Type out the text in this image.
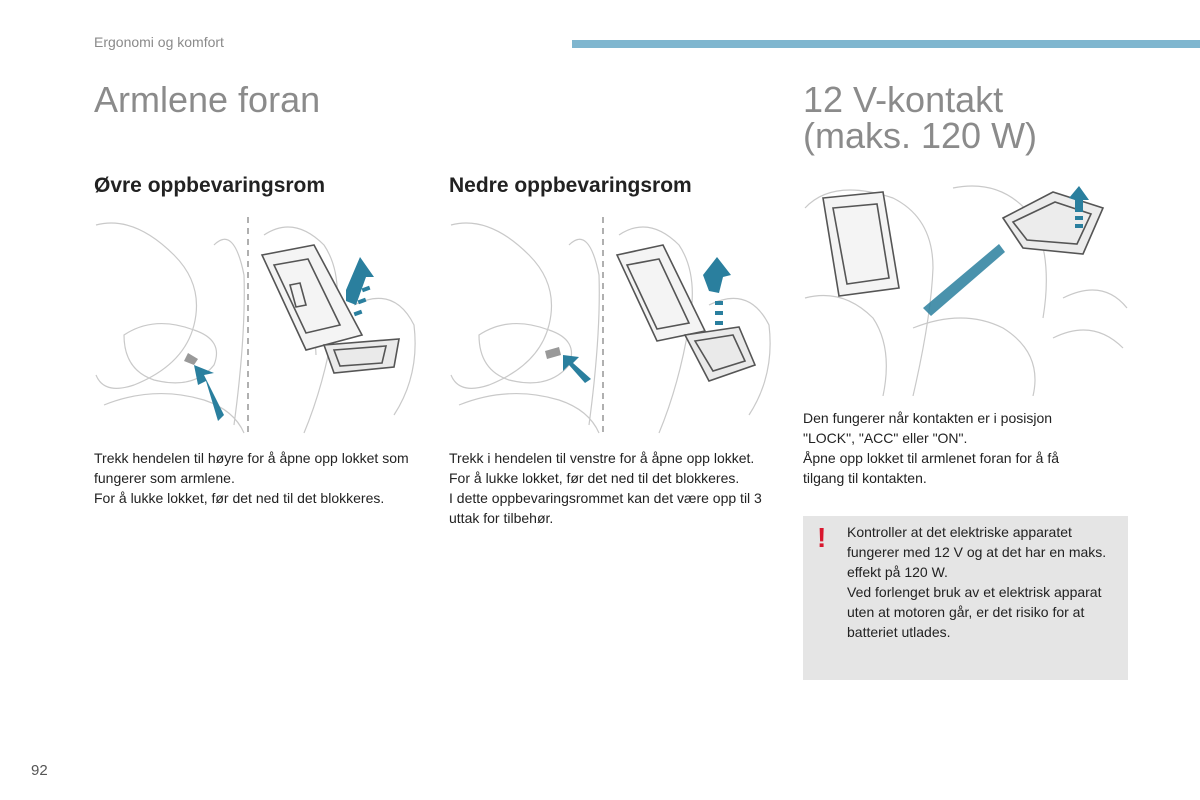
Ergonomi og komfort
Armlene foran	12 V-kontakt
(maks. 120 W)
Øvre oppbevaringsrom	Nedre oppbevaringsrom

Trekk hendelen til høyre for å åpne opp lokket som fungerer som armlene.

For å lukke lokket, før det ned til det blokkeres.

Trekk i hendelen til venstre for å åpne opp lokket.

For å lukke lokket, før det ned til det blokkeres.

I dette oppbevaringsrommet kan det være opp til 3 uttak for tilbehør.

Den fungerer når kontakten er i posisjon "LOCK", "ACC" eller "ON".

Åpne opp lokket til armlenet foran for å få tilgang til kontakten.

! Kontroller at det elektriske apparatet fungerer med 12 V og at det har en maks. effekt på 120 W.

Ved forlenget bruk av et elektrisk apparat uten at motoren går, er det risiko for at batteriet utlades.

92
